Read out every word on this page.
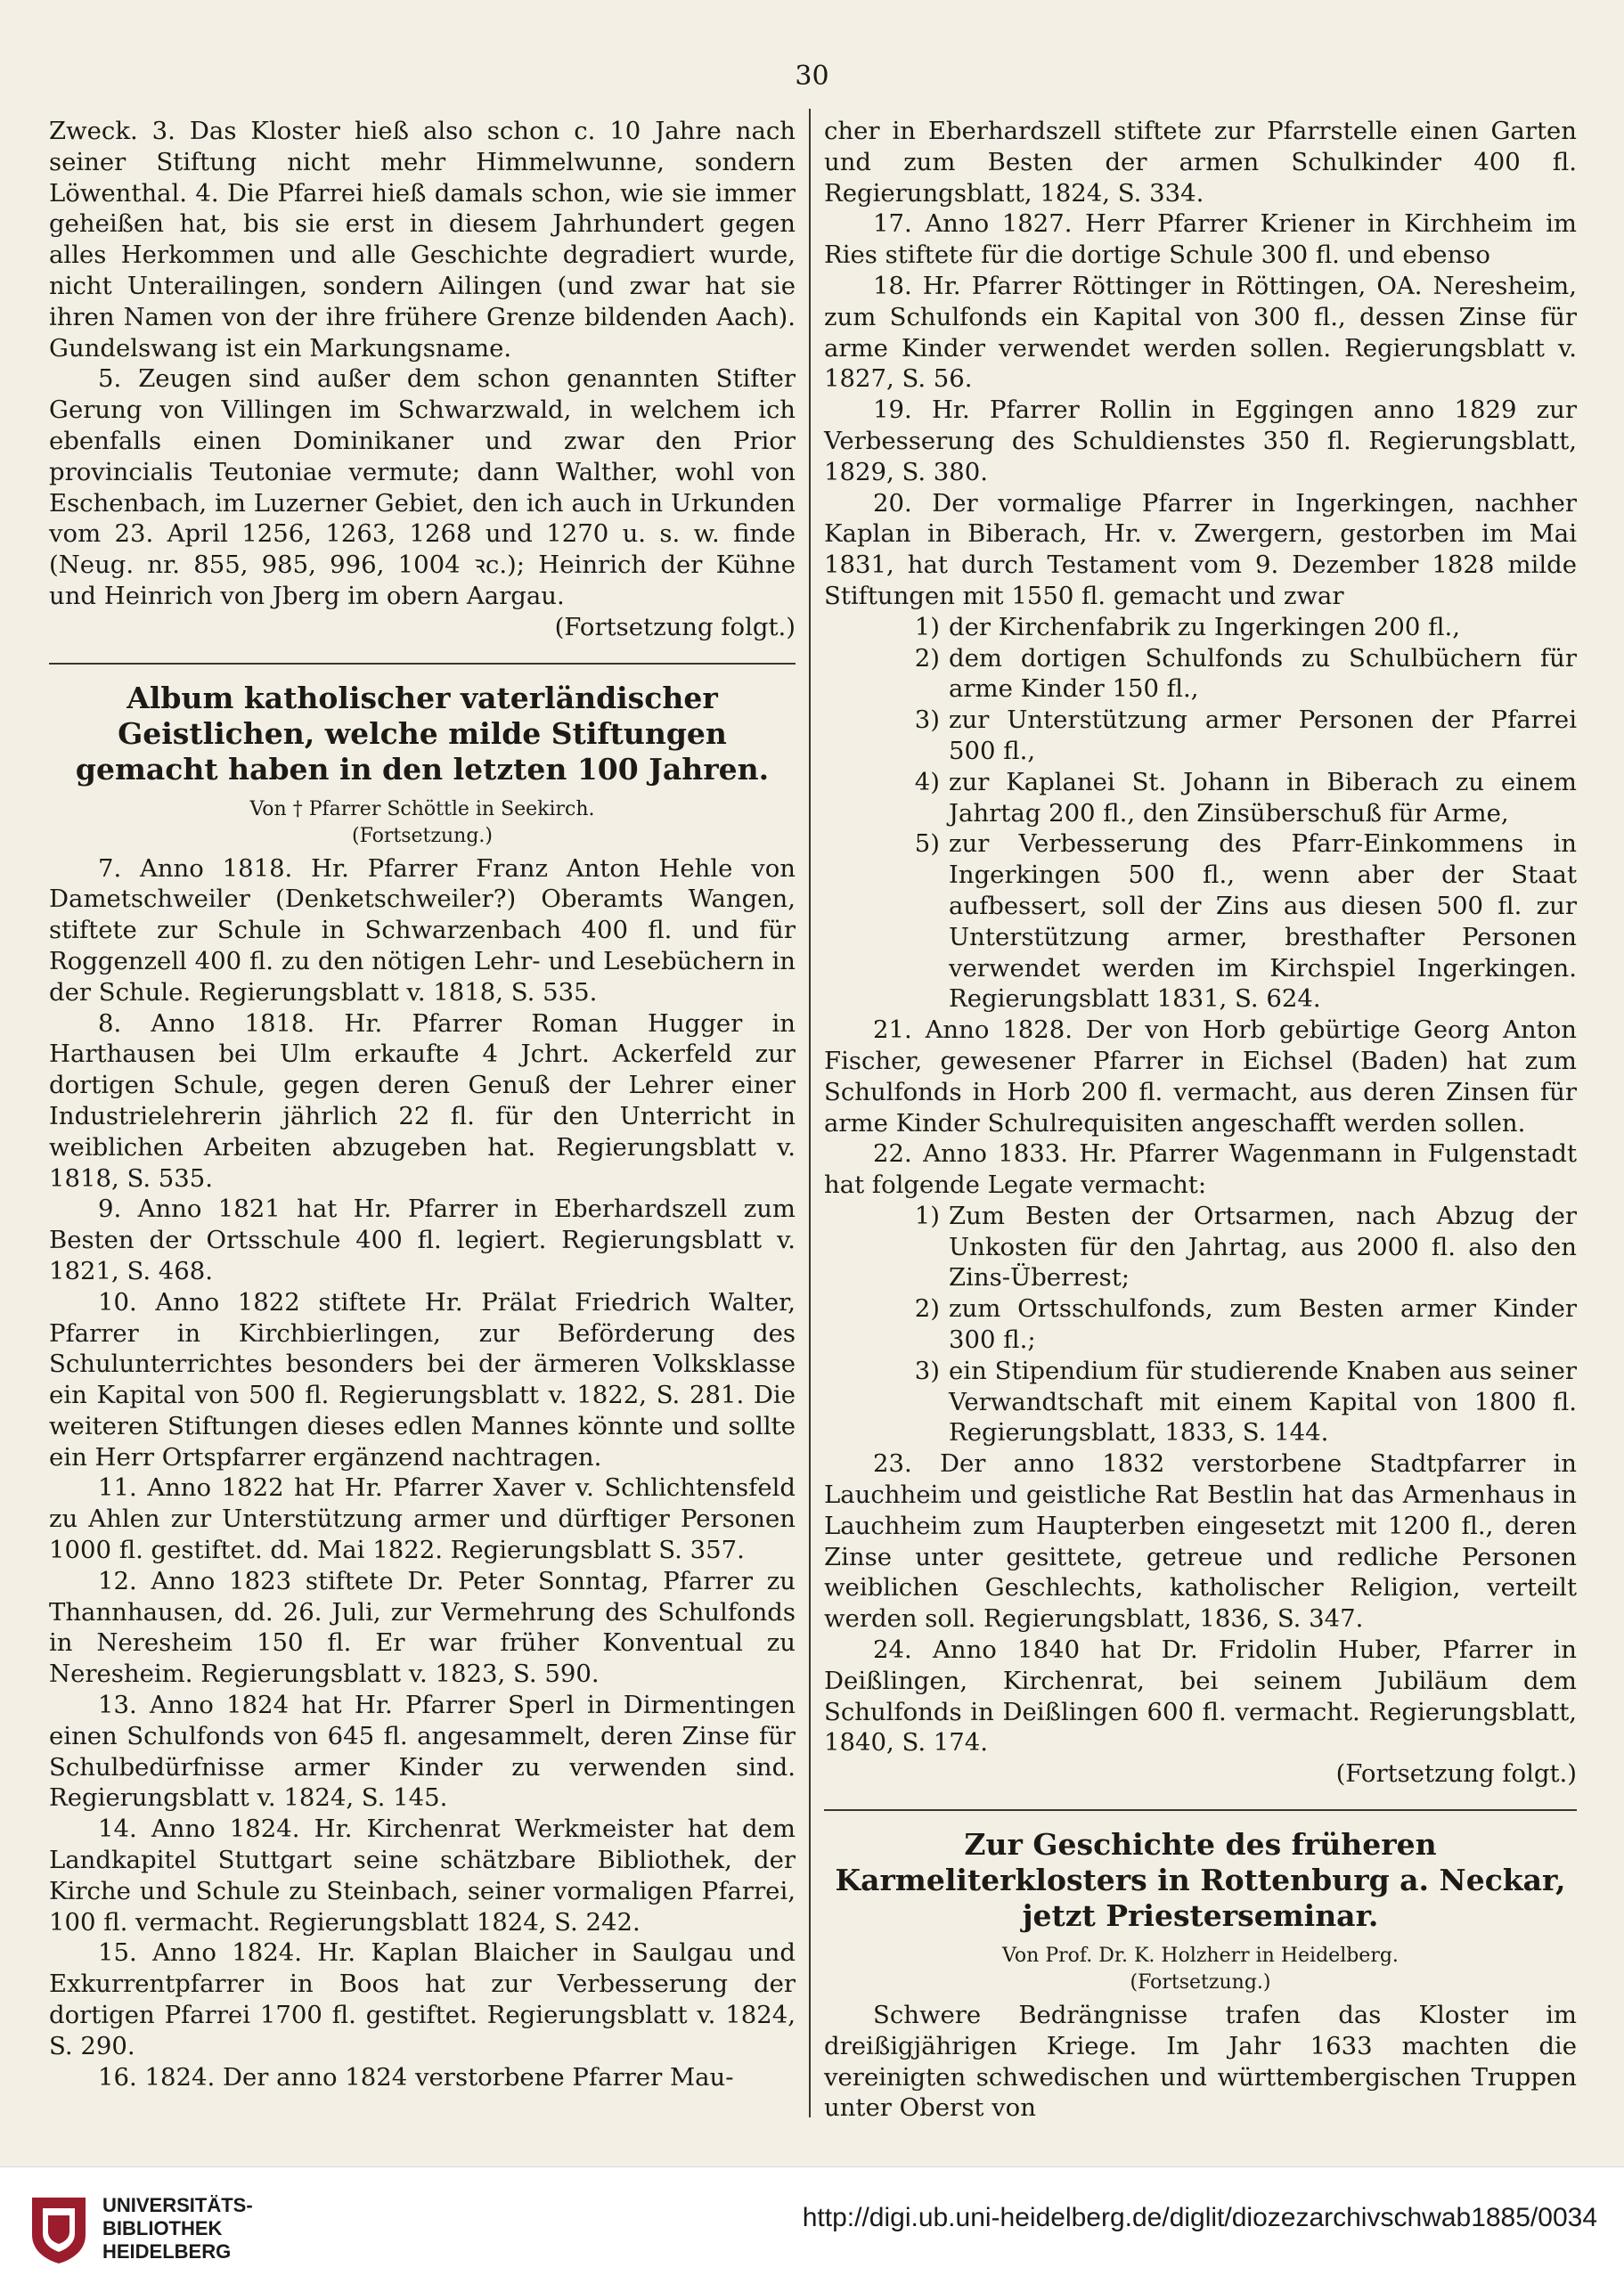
30

Zweck. 3. Das Kloster hieß also schon c. 10 Jahre nach seiner Stiftung nicht mehr Himmelwunne, sondern Löwenthal. 4. Die Pfarrei hieß damals schon, wie sie immer geheißen hat, bis sie erst in diesem Jahrhundert gegen alles Herkommen und alle Geschichte degradiert wurde, nicht Unterailingen, sondern Ailingen (und zwar hat sie ihren Namen von der ihre frühere Grenze bildenden Aach). Gundelswang ist ein Markungsname.

5. Zeugen sind außer dem schon genannten Stifter Gerung von Villingen im Schwarzwald, in welchem ich ebenfalls einen Dominikaner und zwar den Prior provincialis Teutoniae vermute; dann Walther, wohl von Eschenbach, im Luzerner Gebiet, den ich auch in Urkunden vom 23. April 1256, 1263, 1268 und 1270 u. s. w. finde (Neug. nr. 855, 985, 996, 1004 ꝛc.); Heinrich der Kühne und Heinrich von Jberg im obern Aargau.

(Fortsetzung folgt.)

Album katholischer vaterländischer Geistlichen, welche milde Stiftungen gemacht haben in den letzten 100 Jahren.

Von † Pfarrer Schöttle in Seekirch.

(Fortsetzung.)

7. Anno 1818. Hr. Pfarrer Franz Anton Hehle von Dametschweiler (Denketschweiler?) Oberamts Wangen, stiftete zur Schule in Schwarzenbach 400 fl. und für Roggenzell 400 fl. zu den nötigen Lehr- und Lesebüchern in der Schule. Regierungsblatt v. 1818, S. 535.

8. Anno 1818. Hr. Pfarrer Roman Hugger in Harthausen bei Ulm erkaufte 4 Jchrt. Ackerfeld zur dortigen Schule, gegen deren Genuß der Lehrer einer Industrielehrerin jährlich 22 fl. für den Unterricht in weiblichen Arbeiten abzugeben hat. Regierungsblatt v. 1818, S. 535.

9. Anno 1821 hat Hr. Pfarrer in Eberhardszell zum Besten der Ortsschule 400 fl. legiert. Regierungsblatt v. 1821, S. 468.

10. Anno 1822 stiftete Hr. Prälat Friedrich Walter, Pfarrer in Kirchbierlingen, zur Beförderung des Schulunterrichtes besonders bei der ärmeren Volksklasse ein Kapital von 500 fl. Regierungsblatt v. 1822, S. 281. Die weiteren Stiftungen dieses edlen Mannes könnte und sollte ein Herr Ortspfarrer ergänzend nachtragen.

11. Anno 1822 hat Hr. Pfarrer Xaver v. Schlichtensfeld zu Ahlen zur Unterstützung armer und dürftiger Personen 1000 fl. gestiftet. dd. Mai 1822. Regierungsblatt S. 357.

12. Anno 1823 stiftete Dr. Peter Sonntag, Pfarrer zu Thannhausen, dd. 26. Juli, zur Vermehrung des Schulfonds in Neresheim 150 fl. Er war früher Konventual zu Neresheim. Regierungsblatt v. 1823, S. 590.

13. Anno 1824 hat Hr. Pfarrer Sperl in Dirmentingen einen Schulfonds von 645 fl. angesammelt, deren Zinse für Schulbedürfnisse armer Kinder zu verwenden sind. Regierungsblatt v. 1824, S. 145.

14. Anno 1824. Hr. Kirchenrat Werkmeister hat dem Landkapitel Stuttgart seine schätzbare Bibliothek, der Kirche und Schule zu Steinbach, seiner vormaligen Pfarrei, 100 fl. vermacht. Regierungsblatt 1824, S. 242.

15. Anno 1824. Hr. Kaplan Blaicher in Saulgau und Exkurrentpfarrer in Boos hat zur Verbesserung der dortigen Pfarrei 1700 fl. gestiftet. Regierungsblatt v. 1824, S. 290.

16. 1824. Der anno 1824 verstorbene Pfarrer Mau-

cher in Eberhardszell stiftete zur Pfarrstelle einen Garten und zum Besten der armen Schulkinder 400 fl. Regierungsblatt, 1824, S. 334.

17. Anno 1827. Herr Pfarrer Kriener in Kirchheim im Ries stiftete für die dortige Schule 300 fl. und ebenso

18. Hr. Pfarrer Röttinger in Röttingen, OA. Neresheim, zum Schulfonds ein Kapital von 300 fl., dessen Zinse für arme Kinder verwendet werden sollen. Regierungsblatt v. 1827, S. 56.

19. Hr. Pfarrer Rollin in Eggingen anno 1829 zur Verbesserung des Schuldienstes 350 fl. Regierungsblatt, 1829, S. 380.

20. Der vormalige Pfarrer in Ingerkingen, nachher Kaplan in Biberach, Hr. v. Zwergern, gestorben im Mai 1831, hat durch Testament vom 9. Dezember 1828 milde Stiftungen mit 1550 fl. gemacht und zwar

1) der Kirchenfabrik zu Ingerkingen 200 fl.,
2) dem dortigen Schulfonds zu Schulbüchern für arme Kinder 150 fl.,
3) zur Unterstützung armer Personen der Pfarrei 500 fl.,
4) zur Kaplanei St. Johann in Biberach zu einem Jahrtag 200 fl., den Zinsüberschuß für Arme,
5) zur Verbesserung des Pfarr-Einkommens in Ingerkingen 500 fl., wenn aber der Staat aufbessert, soll der Zins aus diesen 500 fl. zur Unterstützung armer, bresthafter Personen verwendet werden im Kirchspiel Ingerkingen. Regierungsblatt 1831, S. 624.

21. Anno 1828. Der von Horb gebürtige Georg Anton Fischer, gewesener Pfarrer in Eichsel (Baden) hat zum Schulfonds in Horb 200 fl. vermacht, aus deren Zinsen für arme Kinder Schulrequisiten angeschafft werden sollen.

22. Anno 1833. Hr. Pfarrer Wagenmann in Fulgenstadt hat folgende Legate vermacht:

1) Zum Besten der Ortsarmen, nach Abzug der Unkosten für den Jahrtag, aus 2000 fl. also den Zins-Überrest;
2) zum Ortsschulfonds, zum Besten armer Kinder 300 fl.;
3) ein Stipendium für studierende Knaben aus seiner Verwandtschaft mit einem Kapital von 1800 fl. Regierungsblatt, 1833, S. 144.

23. Der anno 1832 verstorbene Stadtpfarrer in Lauchheim und geistliche Rat Bestlin hat das Armenhaus in Lauchheim zum Haupterben eingesetzt mit 1200 fl., deren Zinse unter gesittete, getreue und redliche Personen weiblichen Geschlechts, katholischer Religion, verteilt werden soll. Regierungsblatt, 1836, S. 347.

24. Anno 1840 hat Dr. Fridolin Huber, Pfarrer in Deißlingen, Kirchenrat, bei seinem Jubiläum dem Schulfonds in Deißlingen 600 fl. vermacht. Regierungsblatt, 1840, S. 174.

(Fortsetzung folgt.)

Zur Geschichte des früheren Karmeliterklosters in Rottenburg a. Neckar, jetzt Priesterseminar.

Von Prof. Dr. K. Holzherr in Heidelberg.

(Fortsetzung.)

Schwere Bedrängnisse trafen das Kloster im dreißigjährigen Kriege. Im Jahr 1633 machten die vereinigten schwedischen und württembergischen Truppen unter Oberst von

UNIVERSITÄTS-
BIBLIOTHEK
HEIDELBERG
http://digi.ub.uni-heidelberg.de/diglit/diozezarchivschwab1885/0034
